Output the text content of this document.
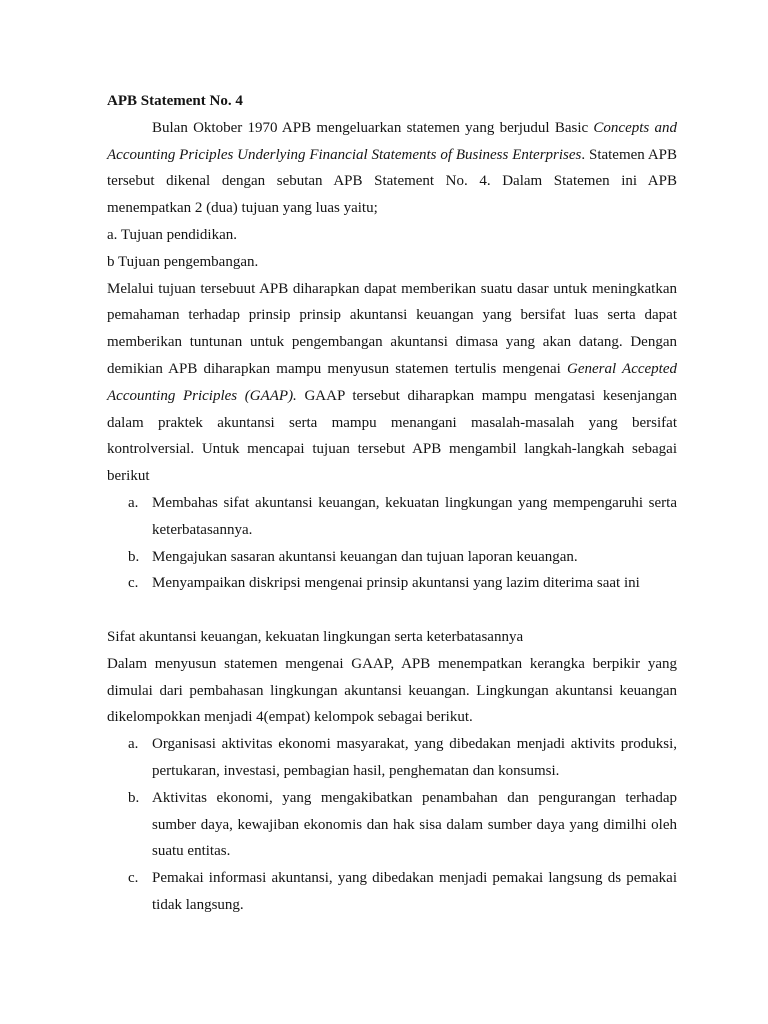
APB Statement No. 4

Bulan Oktober 1970 APB mengeluarkan statemen yang berjudul Basic Concepts and Accounting Priciples Underlying Financial Statements of Business Enterprises. Statemen APB tersebut dikenal dengan sebutan APB Statement No. 4. Dalam Statemen ini APB menempatkan 2 (dua) tujuan yang luas yaitu;

a. Tujuan pendidikan.

b Tujuan pengembangan.

Melalui tujuan tersebuut APB diharapkan dapat memberikan suatu dasar untuk meningkatkan pemahaman terhadap prinsip prinsip akuntansi keuangan yang bersifat luas serta dapat memberikan tuntunan untuk pengembangan akuntansi dimasa yang akan datang. Dengan demikian APB diharapkan mampu menyusun statemen tertulis mengenai General Accepted Accounting Priciples (GAAP). GAAP tersebut diharapkan mampu mengatasi kesenjangan dalam praktek akuntansi serta mampu menangani masalah-masalah yang bersifat kontrolversial. Untuk mencapai tujuan tersebut APB mengambil langkah-langkah sebagai berikut

a. Membahas sifat akuntansi keuangan, kekuatan lingkungan yang mempengaruhi serta keterbatasannya.
b. Mengajukan sasaran akuntansi keuangan dan tujuan laporan keuangan.
c. Menyampaikan diskripsi mengenai prinsip akuntansi yang lazim diterima saat ini

Sifat akuntansi keuangan, kekuatan lingkungan serta keterbatasannya

Dalam menyusun statemen mengenai GAAP, APB menempatkan kerangka berpikir yang dimulai dari pembahasan lingkungan akuntansi keuangan. Lingkungan akuntansi keuangan dikelompokkan menjadi 4(empat) kelompok sebagai berikut.

a. Organisasi aktivitas ekonomi masyarakat, yang dibedakan menjadi aktivits produksi, pertukaran, investasi, pembagian hasil, penghematan dan konsumsi.
b. Aktivitas ekonomi, yang mengakibatkan penambahan dan pengurangan terhadap sumber daya, kewajiban ekonomis dan hak sisa dalam sumber daya yang dimilhi oleh suatu entitas.
c. Pemakai informasi akuntansi, yang dibedakan menjadi pemakai langsung ds pemakai tidak langsung.
